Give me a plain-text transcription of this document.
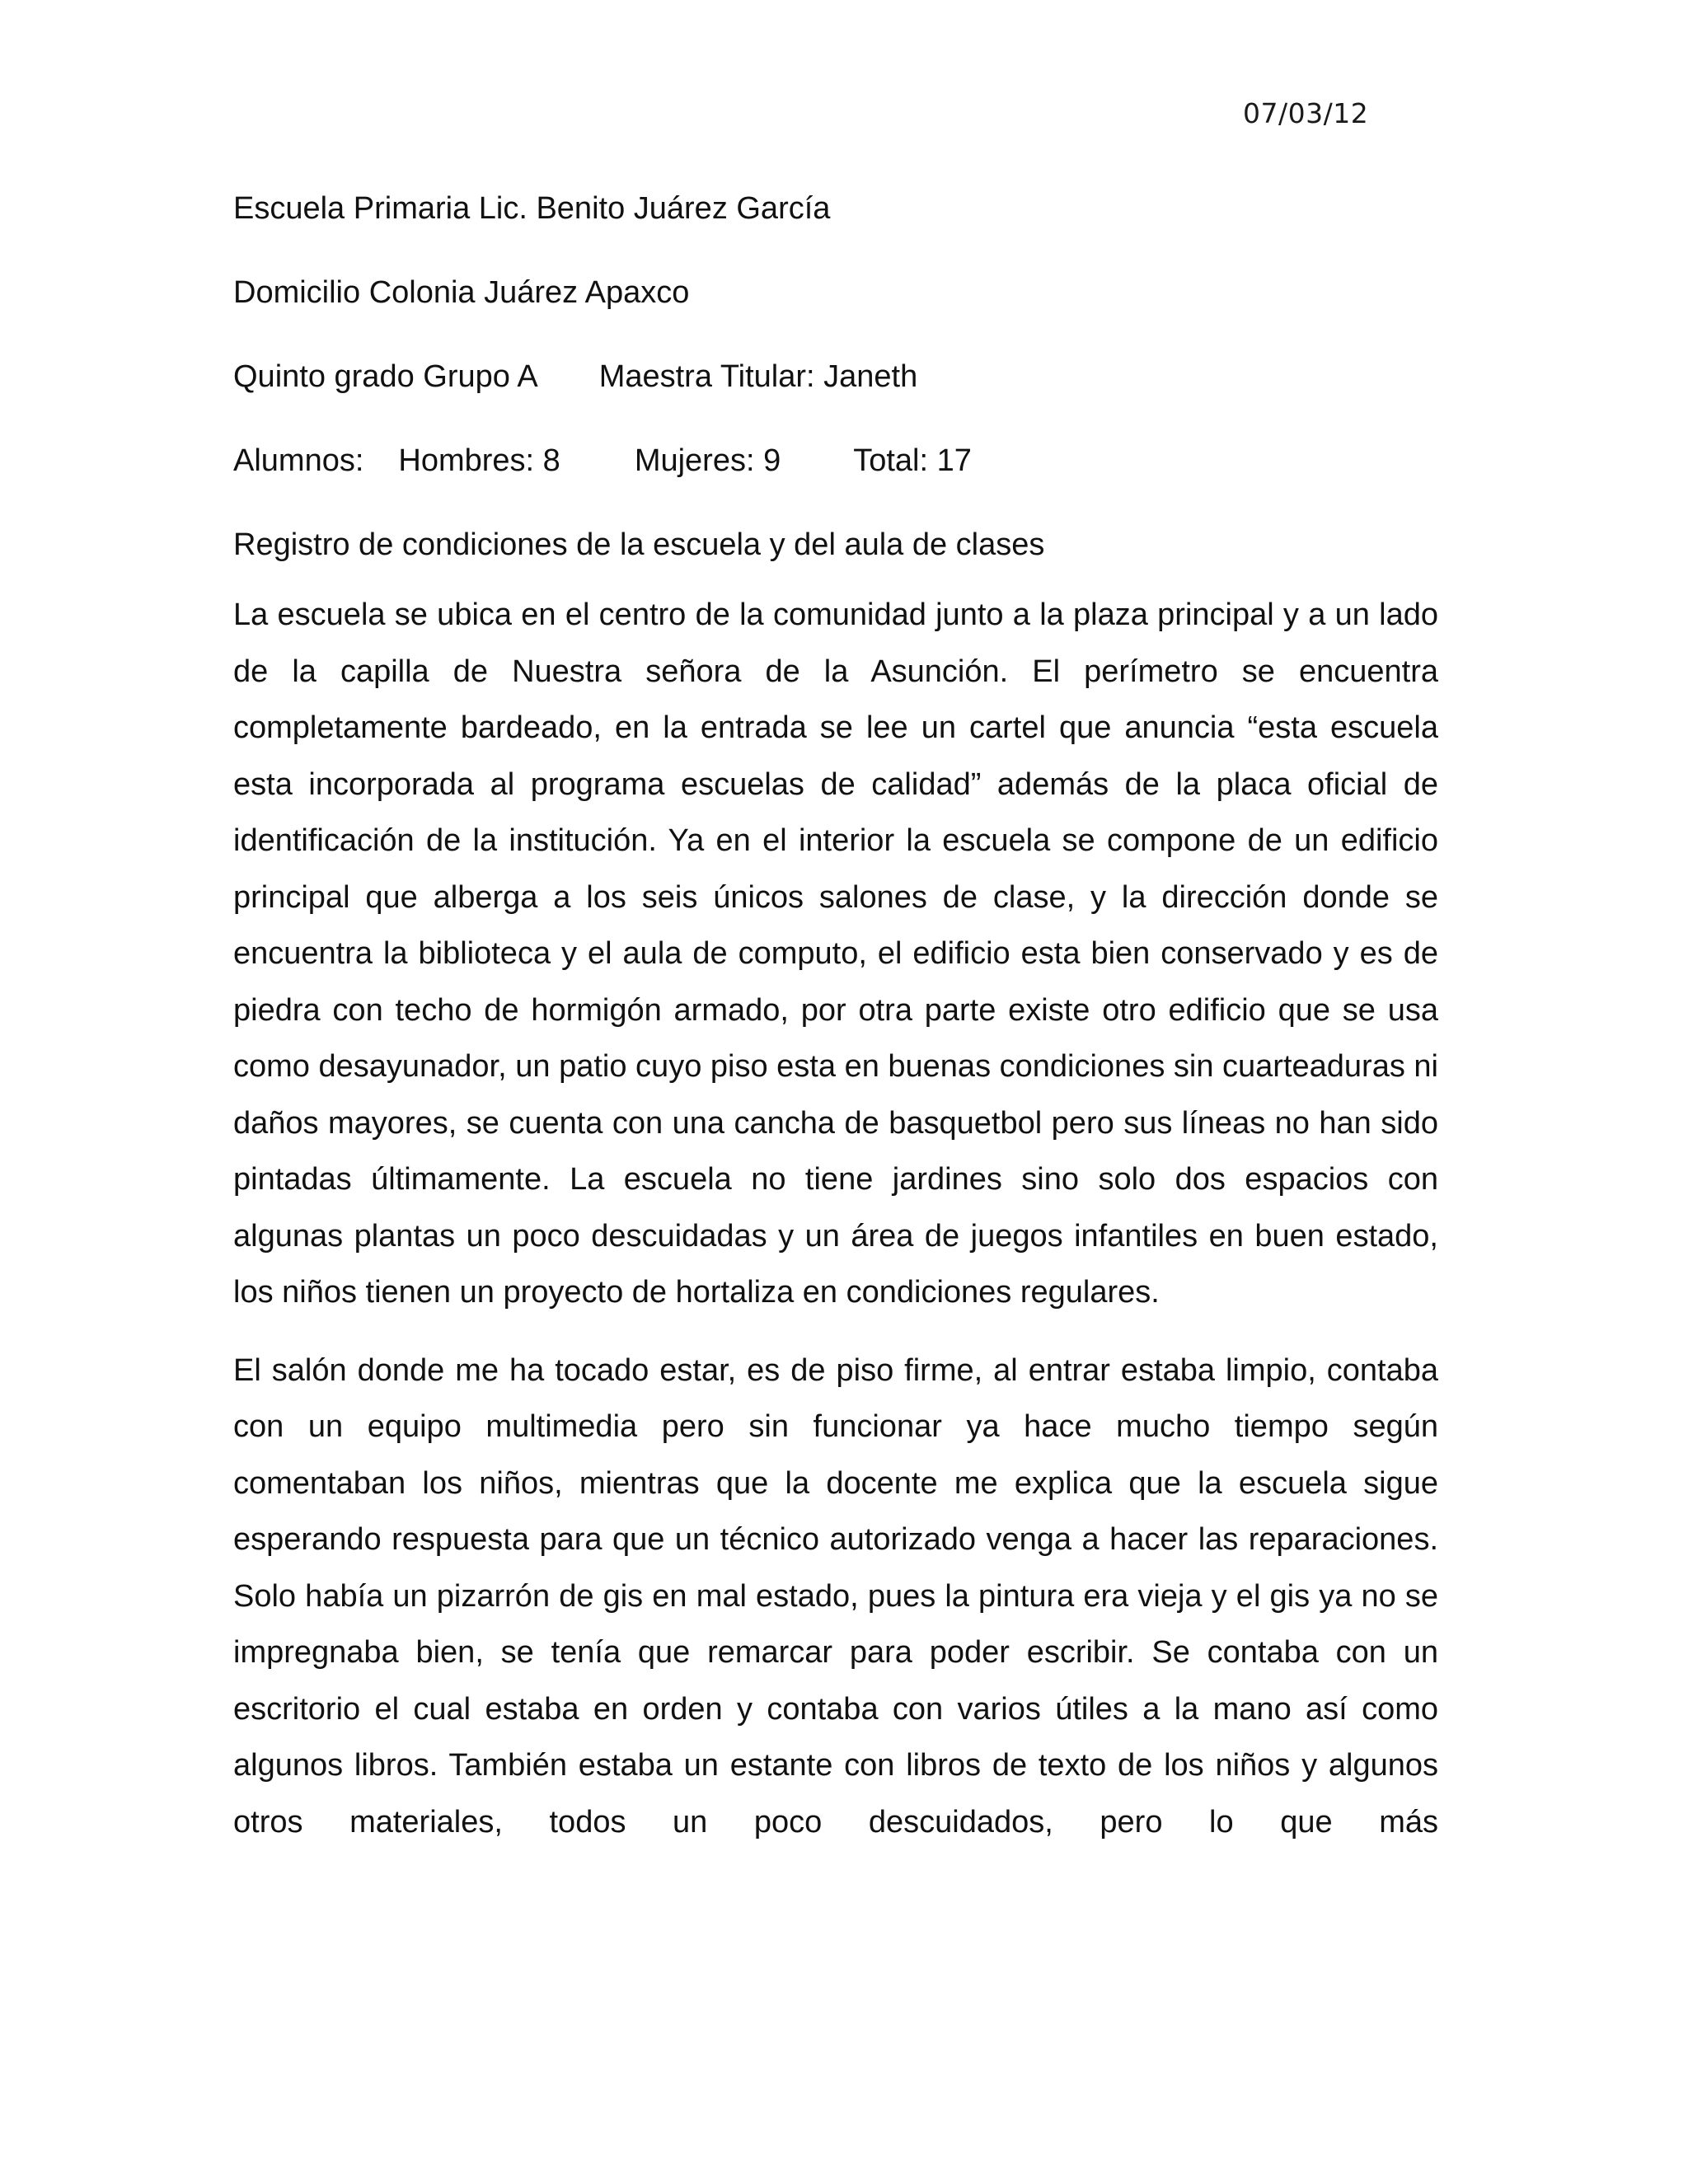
07/03/12
Escuela Primaria Lic. Benito Juárez García
Domicilio Colonia Juárez Apaxco
Quinto grado Grupo A Maestra Titular: Janeth
Alumnos: Hombres: 8 Mujeres: 9 Total: 17
Registro de condiciones de la escuela y del aula de clases

La escuela se ubica en el centro de la comunidad junto a la plaza principal y a un lado de la capilla de Nuestra señora de la Asunción. El perímetro se encuentra completamente bardeado, en la entrada se lee un cartel que anuncia “esta escuela esta incorporada al programa escuelas de calidad” además de la placa oficial de identificación de la institución. Ya en el interior la escuela se compone de un edificio principal que alberga a los seis únicos salones de clase, y la dirección donde se encuentra la biblioteca y el aula de computo, el edificio esta bien conservado y es de piedra con techo de hormigón armado, por otra parte existe otro edificio que se usa como desayunador, un patio cuyo piso esta en buenas condiciones sin cuarteaduras ni daños mayores, se cuenta con una cancha de basquetbol pero sus líneas no han sido pintadas últimamente. La escuela no tiene jardines sino solo dos espacios con algunas plantas un poco descuidadas y un área de juegos infantiles en buen estado, los niños tienen un proyecto de hortaliza en condiciones regulares.

El salón donde me ha tocado estar, es de piso firme, al entrar estaba limpio, contaba con un equipo multimedia pero sin funcionar ya hace mucho tiempo según comentaban los niños, mientras que la docente me explica que la escuela sigue esperando respuesta para que un técnico autorizado venga a hacer las reparaciones. Solo había un pizarrón de gis en mal estado, pues la pintura era vieja y el gis ya no se impregnaba bien, se tenía que remarcar para poder escribir. Se contaba con un escritorio el cual estaba en orden y contaba con varios útiles a la mano así como algunos libros. También estaba un estante con libros de texto de los niños y algunos otros materiales, todos un poco descuidados, pero lo que más
